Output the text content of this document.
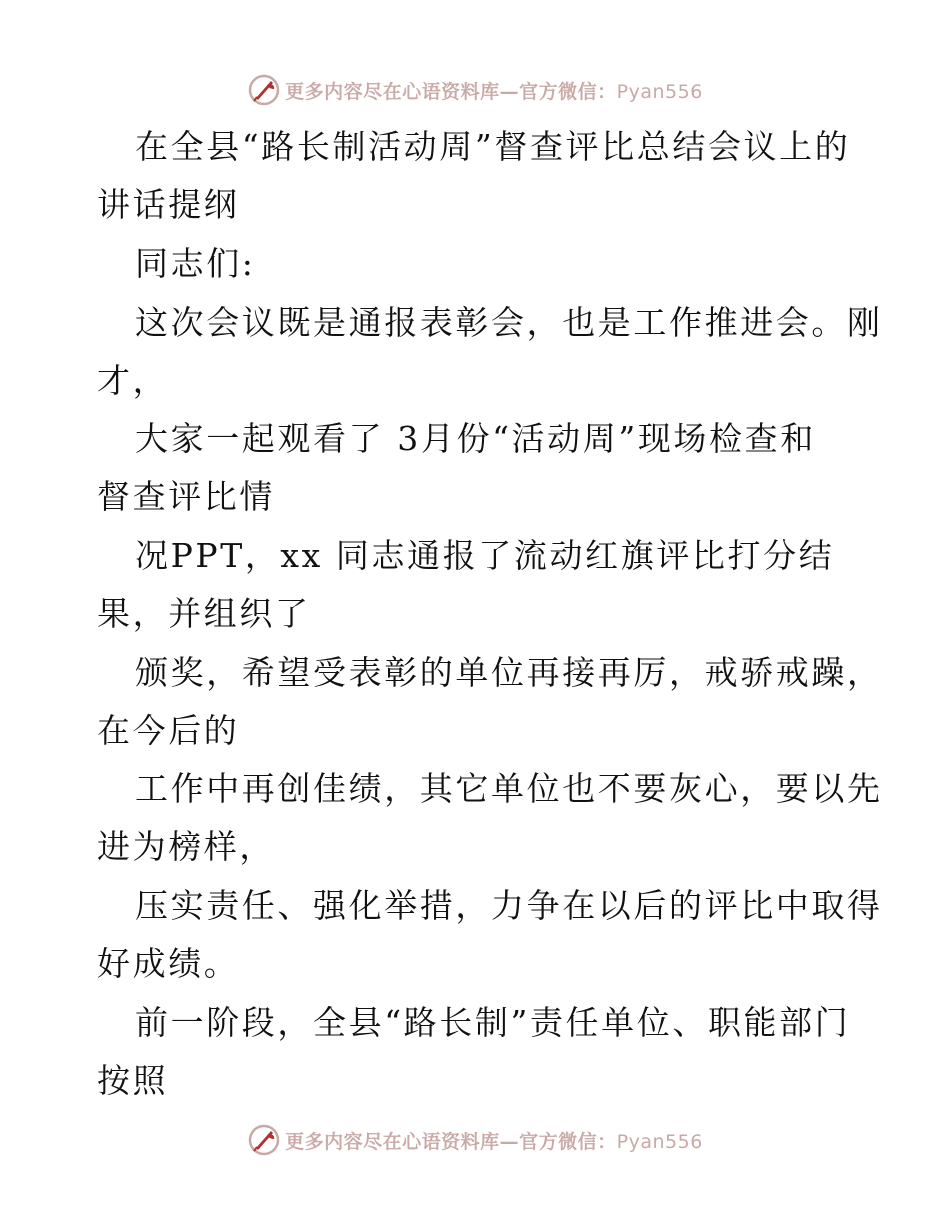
更多内容尽在心语资料库—官方微信：Pyan556
在全县“路长制活动周”督查评比总结会议上的
讲话提纲
同志们:
这次会议既是通报表彰会，也是工作推进会。刚
才，
大家一起观看了 3月份“活动周”现场检查和
督查评比情
况PPT，xx 同志通报了流动红旗评比打分结
果，并组织了
颁奖，希望受表彰的单位再接再厉，戒骄戒躁，
在今后的
工作中再创佳绩，其它单位也不要灰心，要以先
进为榜样，
压实责任、强化举措，力争在以后的评比中取得
好成绩。
前一阶段，全县“路长制”责任单位、职能部门
按照
更多内容尽在心语资料库—官方微信：Pyan556
